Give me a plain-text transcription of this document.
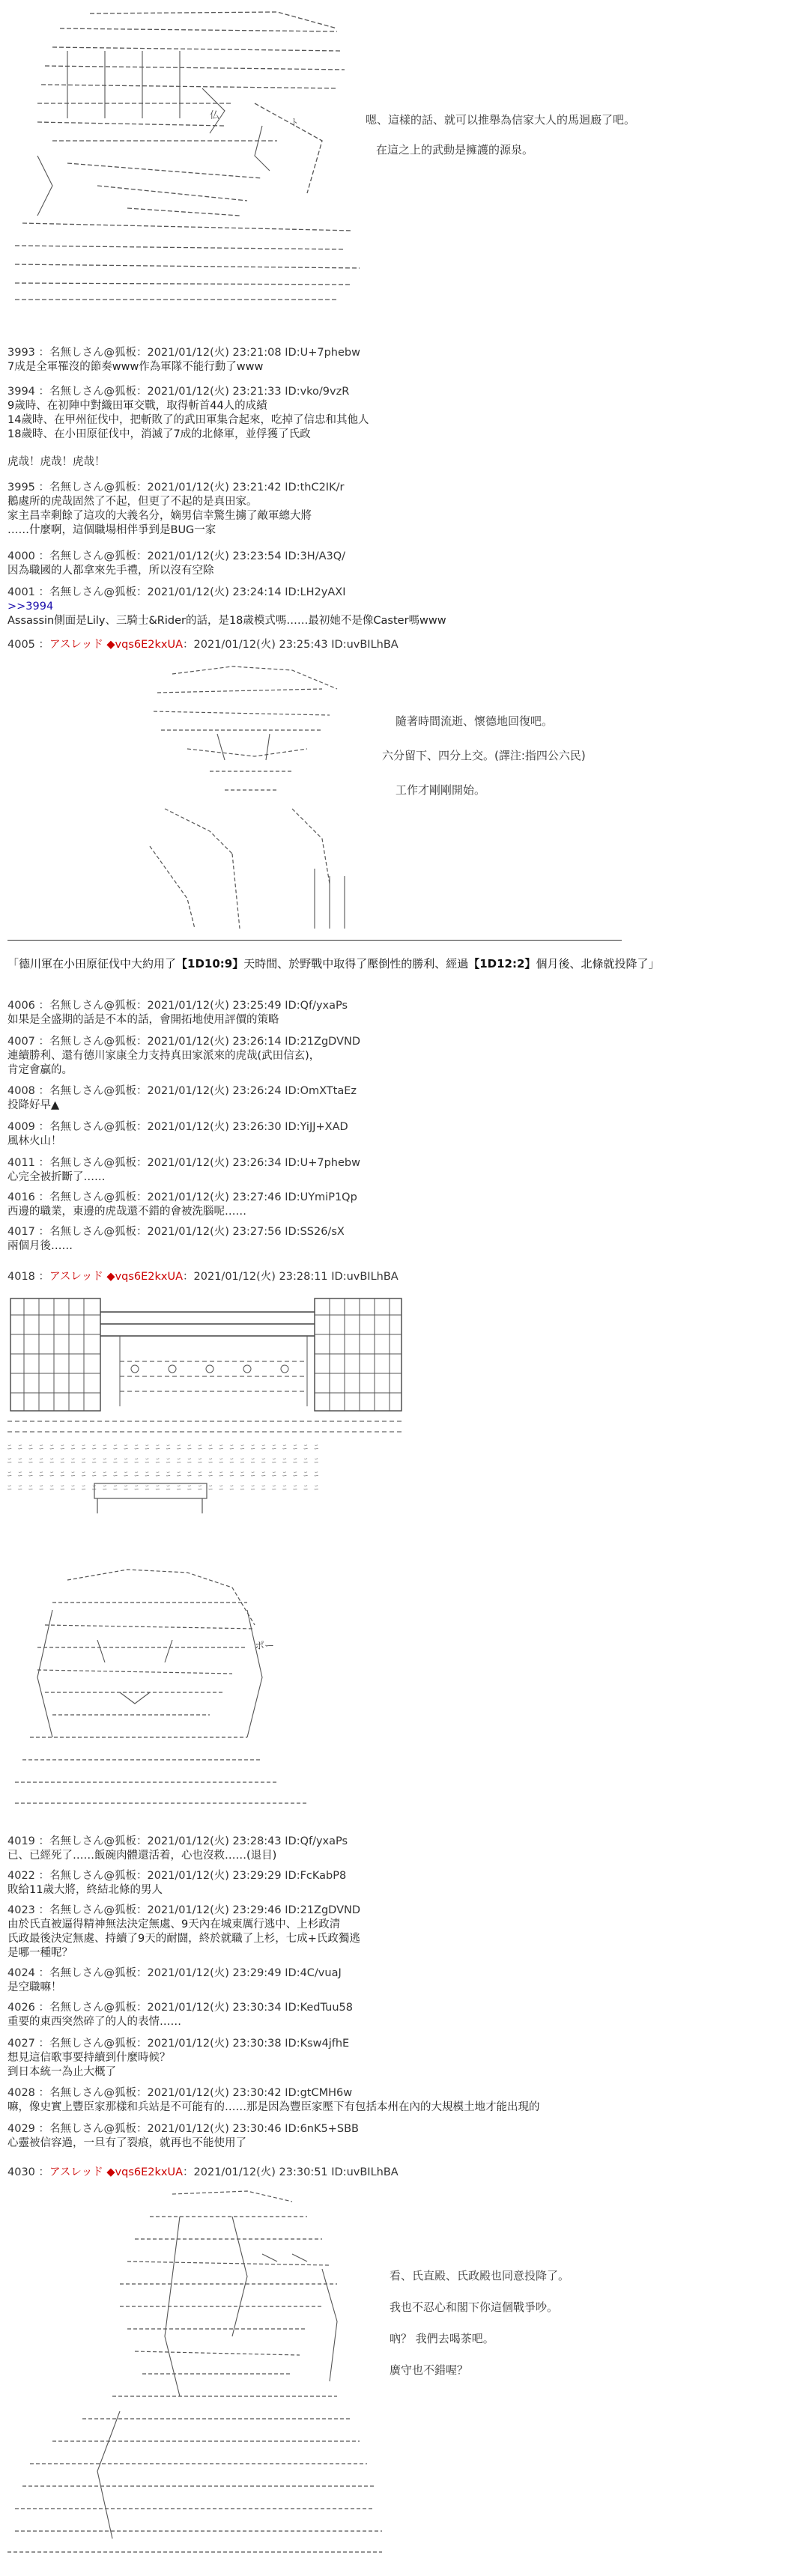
仏
ﾄ	嗯、這樣的話、就可以推舉為信家大人的馬迴廄了吧。
在這之上的武動是擁護的源泉。
3993 ：名無しさん@狐板：2021/01/12(火) 23:21:08 ID:U+7phebw
7成是全軍罹沒的節奏www作為軍隊不能行動了www
3994 ：名無しさん@狐板：2021/01/12(火) 23:21:33 ID:vko/9vzR
9歲時、在初陣中對織田軍交戰，取得斬首44人的成績
14歲時、在甲州征伐中，把斬敗了的武田軍集合起來，吃掉了信忠和其他人
18歲時、在小田原征伐中，消滅了7成的北條軍，並俘獲了氏政
虎哉！虎哉！虎哉！
3995 ：名無しさん@狐板：2021/01/12(火) 23:21:42 ID:thC2IK/r
鵝處所的虎哉固然了不起，但更了不起的是真田家。
家主昌幸剩餘了這攻的大義名分，嫡男信幸驚生擄了敵軍總大將
……什麼啊，這個職場相伴爭到是BUG一家
4000 ：名無しさん@狐板：2021/01/12(火) 23:23:54 ID:3H/A3Q/
因為職國的人都拿來先手禮，所以沒有空除
4001 ：名無しさん@狐板：2021/01/12(火) 23:24:14 ID:LH2yAXI
>>3994
Assassin側面是Lily、三騎士&Rider的話，是18歳模式嗎……最初她不是像Caster嗎www
4005 ：アスレッド ◆vqs6E2kxUA：2021/01/12(火) 23:25:43 ID:uvBILhBA
隨著時間流逝、懷德地回復吧。
六分留下、四分上交。(譯注:指四公六民)
工作才剛剛開始。
「德川軍在小田原征伐中大約用了【1D10:9】天時間、於野戰中取得了壓倒性的勝利、經過【1D12:2】個月後、北條就投降了」
4006 ：名無しさん@狐板：2021/01/12(火) 23:25:49 ID:Qf/yxaPs
如果是全盛期的話是不本的話，會開拓地使用評價的策略
4007 ：名無しさん@狐板：2021/01/12(火) 23:26:14 ID:21ZgDVND
連續勝利、還有德川家康全力支持真田家派來的虎哉(武田信玄)，
肯定會贏的。
4008 ：名無しさん@狐板：2021/01/12(火) 23:26:24 ID:OmXTtaEz
投降好早▲
4009 ：名無しさん@狐板：2021/01/12(火) 23:26:30 ID:YiJJ+XAD
風林火山！
4011 ：名無しさん@狐板：2021/01/12(火) 23:26:34 ID:U+7phebw
心完全被折斷了……
4016 ：名無しさん@狐板：2021/01/12(火) 23:27:46 ID:UYmiP1Qp
西邊的職業，東邊的虎哉還不錯的會被洗腦呢……
4017 ：名無しさん@狐板：2021/01/12(火) 23:27:56 ID:SS26/sX
兩個月後……
4018 ：アスレッド ◆vqs6E2kxUA：2021/01/12(火) 23:28:11 ID:uvBILhBA
ﾆ ﾆ ﾆ ﾆ ﾆ ﾆ ﾆ ﾆ ﾆ ﾆ ﾆ ﾆ ﾆ ﾆ ﾆ ﾆ ﾆ ﾆ ﾆ ﾆ ﾆ ﾆ ﾆ ﾆ ﾆ ﾆ ﾆ ﾆ ﾆ ﾆ
ﾆ ﾆ ﾆ ﾆ ﾆ ﾆ ﾆ ﾆ ﾆ ﾆ ﾆ ﾆ ﾆ ﾆ ﾆ ﾆ ﾆ ﾆ ﾆ ﾆ ﾆ ﾆ ﾆ ﾆ ﾆ ﾆ ﾆ ﾆ ﾆ ﾆ
ﾆ ﾆ ﾆ ﾆ ﾆ ﾆ ﾆ ﾆ ﾆ ﾆ ﾆ ﾆ ﾆ ﾆ ﾆ ﾆ ﾆ ﾆ ﾆ ﾆ ﾆ ﾆ ﾆ ﾆ ﾆ ﾆ ﾆ ﾆ ﾆ ﾆ
ﾆ ﾆ ﾆ ﾆ ﾆ ﾆ ﾆ ﾆ ﾆ ﾆ ﾆ ﾆ ﾆ ﾆ ﾆ ﾆ ﾆ ﾆ ﾆ ﾆ ﾆ ﾆ ﾆ ﾆ ﾆ ﾆ ﾆ ﾆ ﾆ ﾆ
ポー
4019 ：名無しさん@狐板：2021/01/12(火) 23:28:43 ID:Qf/yxaPs
已、已經死了……飯碗肉體還活着，心也沒救……(退目)
4022 ：名無しさん@狐板：2021/01/12(火) 23:29:29 ID:FcKabP8
敗給11歲大將，終結北條的男人
4023 ：名無しさん@狐板：2021/01/12(火) 23:29:46 ID:21ZgDVND
由於氏直被逼得精神無法決定無處、9天內在城東厲行逃中、上杉政清
氏政最後決定無處、持續了9天的耐闘，終於就職了上杉，七成+氏政獨逃
是哪一種呢？
4024 ：名無しさん@狐板：2021/01/12(火) 23:29:49 ID:4C/vuaJ
是空職嘛！
4026 ：名無しさん@狐板：2021/01/12(火) 23:30:34 ID:KedTuu58
重要的東西突然碎了的人的表情……
4027 ：名無しさん@狐板：2021/01/12(火) 23:30:38 ID:Ksw4jfhE
想見這信歌事要持續到什麼時候？
到日本統一為止大概了
4028 ：名無しさん@狐板：2021/01/12(火) 23:30:42 ID:gtCMH6w
嘛，像史實上豐臣家那樣和兵站是不可能有的……那是因為豐臣家壓下有包括本州在內的大規模土地才能出現的
4029 ：名無しさん@狐板：2021/01/12(火) 23:30:46 ID:6nK5+SBB
心靈被信容過，一旦有了裂痕，就再也不能使用了
4030 ：アスレッド ◆vqs6E2kxUA：2021/01/12(火) 23:30:51 ID:uvBILhBA
看、氏直殿、氏政殿也同意投降了。
我也不忍心和閣下你這個戰爭吵。
吶？ 我們去喝茶吧。
廣守也不錯喔？
